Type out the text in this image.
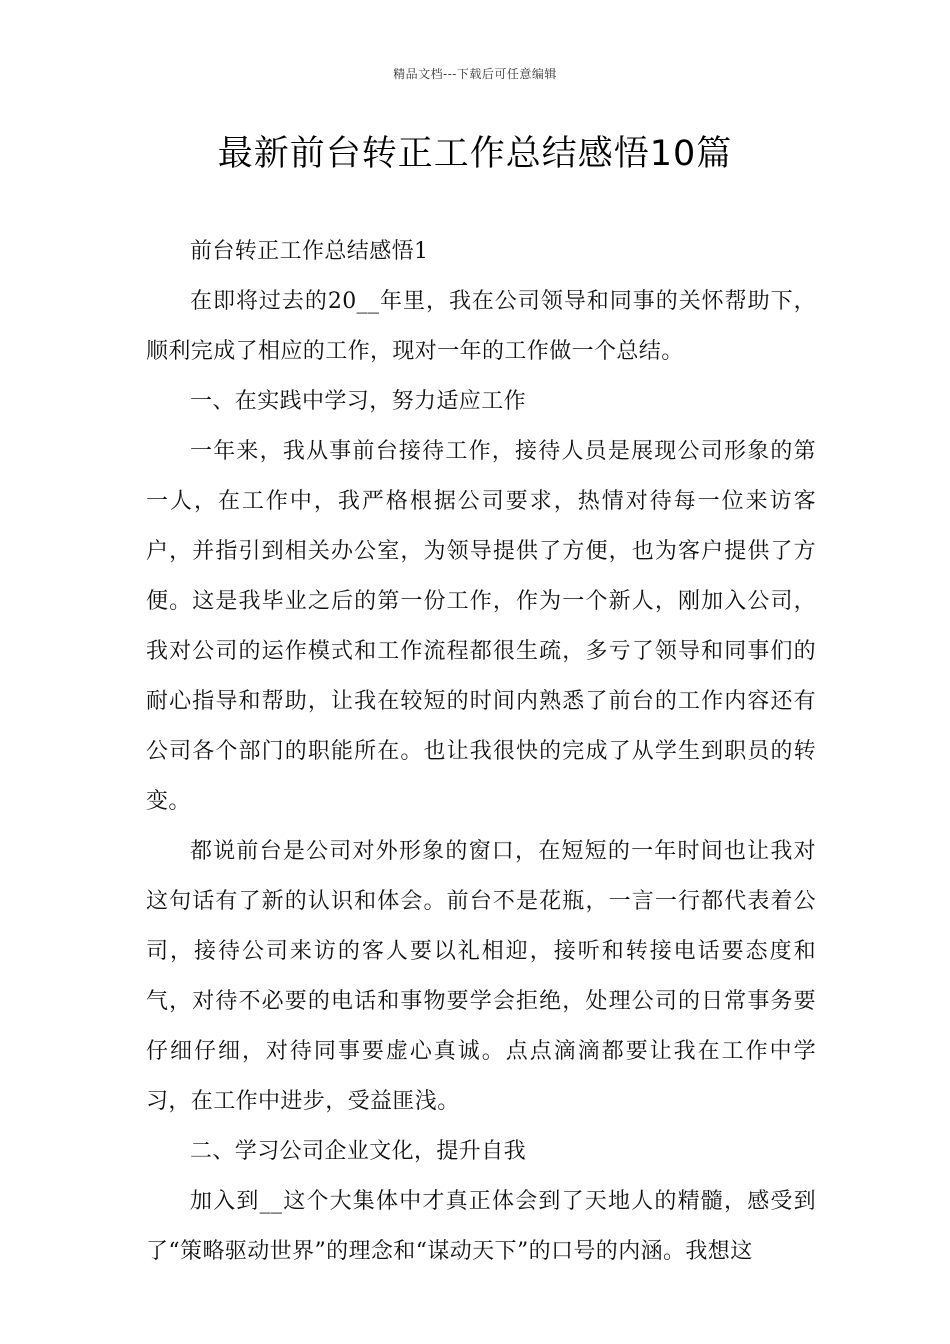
精品文档---下载后可任意编辑
最新前台转正工作总结感悟10篇

前台转正工作总结感悟1

在即将过去的20__年里，我在公司领导和同事的关怀帮助下，顺利完成了相应的工作，现对一年的工作做一个总结。

一、在实践中学习，努力适应工作

一年来，我从事前台接待工作，接待人员是展现公司形象的第一人，在工作中，我严格根据公司要求，热情对待每一位来访客户，并指引到相关办公室，为领导提供了方便，也为客户提供了方便。这是我毕业之后的第一份工作，作为一个新人，刚加入公司，我对公司的运作模式和工作流程都很生疏，多亏了领导和同事们的耐心指导和帮助，让我在较短的时间内熟悉了前台的工作内容还有公司各个部门的职能所在。也让我很快的完成了从学生到职员的转变。

都说前台是公司对外形象的窗口，在短短的一年时间也让我对这句话有了新的认识和体会。前台不是花瓶，一言一行都代表着公司，接待公司来访的客人要以礼相迎，接听和转接电话要态度和气，对待不必要的电话和事物要学会拒绝，处理公司的日常事务要仔细仔细，对待同事要虚心真诚。点点滴滴都要让我在工作中学习，在工作中进步，受益匪浅。

二、学习公司企业文化，提升自我

加入到__这个大集体中才真正体会到了天地人的精髓，感受到了“策略驱动世界”的理念和“谋动天下”的口号的内涵。我想这
